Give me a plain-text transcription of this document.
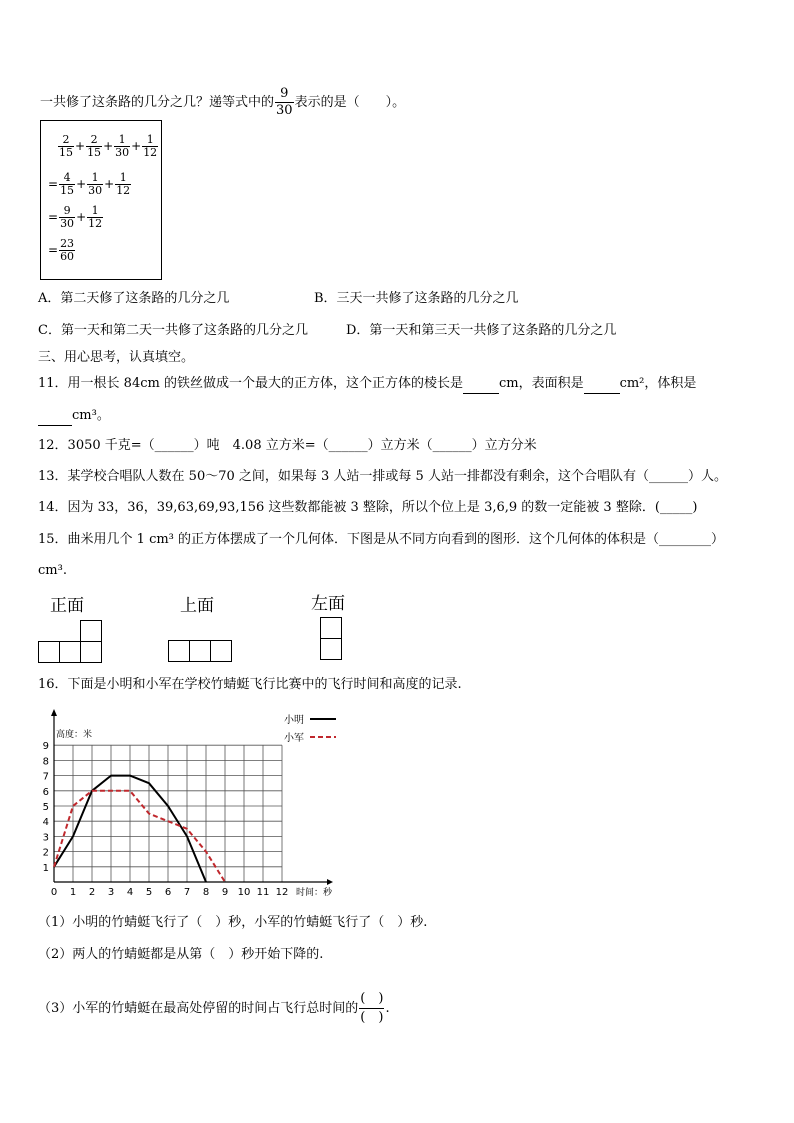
一共修了这条路的几分之几？递等式中的 $\frac{9}{30}$ 表示的是（　　）。
$\frac{2}{15} + \frac{2}{15} + \frac{1}{30} + \frac{1}{12}$
= $\frac{4}{15} + \frac{1}{30} + \frac{1}{12}$
= $\frac{9}{30} + \frac{1}{12}$
= $\frac{23}{60}$
A．第二天修了这条路的几分之几	B．三天一共修了这条路的几分之几
C．第一天和第二天一共修了这条路的几分之几	D．第一天和第三天一共修了这条路的几分之几
三、用心思考，认真填空。
11．用一根长 84cm 的铁丝做成一个最大的正方体，这个正方体的棱长是	cm，表面积是	cm²，体积是
cm³。
12．3050 千克=（______）吨　4.08 立方米=（______）立方米（______）立方分米
13．某学校合唱队人数在 50～70 之间，如果每 3 人站一排或每 5 人站一排都没有剩余，这个合唱队有（______）人。
14．因为 33，36，39,63,69,93,156 这些数都能被 3 整除，所以个位上是 3,6,9 的数一定能被 3 整除．(_____)
15．曲米用几个 1 cm³ 的正方体摆成了一个几何体．下图是从不同方向看到的图形．这个几何体的体积是（________）
cm³.
正面	上面	左面
16．下面是小明和小军在学校竹蜻蜓飞行比赛中的飞行时间和高度的记录.
0 1 2 3 4 5 6 7 8 9 10 11 12
1
2
3
4
5
6
7
8
9
高度：米
时间：秒
小明
小军
（1）小明的竹蜻蜓飞行了（　）秒，小军的竹蜻蜓飞行了（　）秒.
（2）两人的竹蜻蜓都是从第（　）秒开始下降的.
（3）小军的竹蜻蜓在最高处停留的时间占飞行总时间的 $\frac{( )}{( )}$ .
